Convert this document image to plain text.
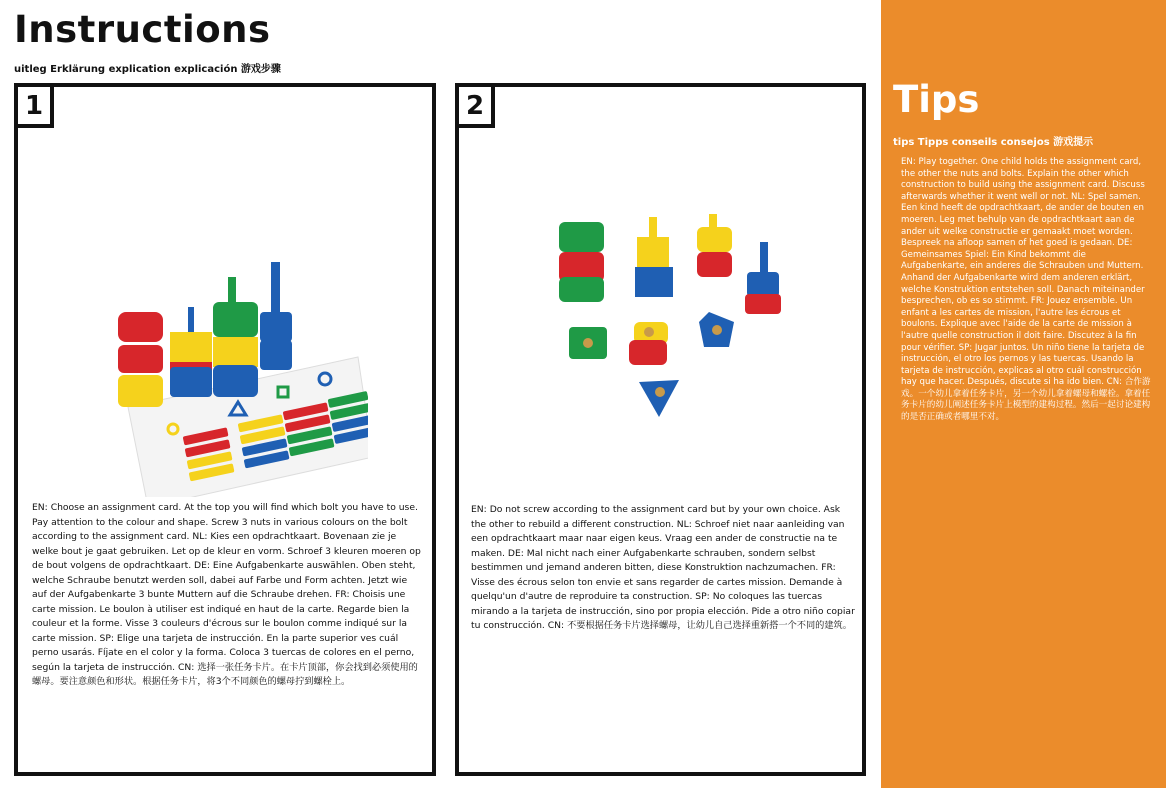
Instructions
uitleg Erklärung explication explicación 游戏步骤
1
EN: Choose an assignment card. At the top you will find which bolt you have to use. Pay attention to the colour and shape. Screw 3 nuts in various colours on the bolt according to the assignment card. NL: Kies een opdrachtkaart. Bovenaan zie je welke bout je gaat gebruiken. Let op de kleur en vorm. Schroef 3 kleuren moeren op de bout volgens de opdrachtkaart. DE: Eine Aufgabenkarte auswählen. Oben steht, welche Schraube benutzt werden soll, dabei auf Farbe und Form achten. Jetzt wie auf der Aufgabenkarte 3 bunte Muttern auf die Schraube drehen. FR: Choisis une carte mission. Le boulon à utiliser est indiqué en haut de la carte. Regarde bien la couleur et la forme. Visse 3 couleurs d'écrous sur le boulon comme indiqué sur la carte mission. SP: Elige una tarjeta de instrucción. En la parte superior ves cuál perno usarás. Fíjate en el color y la forma. Coloca 3 tuercas de colores en el perno, según la tarjeta de instrucción. CN: 选择一张任务卡片。在卡片顶部，你会找到必须使用的螺母。要注意颜色和形状。根据任务卡片，将3个不同颜色的螺母拧到螺栓上。
2
EN: Do not screw according to the assignment card but by your own choice. Ask the other to rebuild a different construction. NL: Schroef niet naar aanleiding van een opdrachtkaart maar naar eigen keus. Vraag een ander de constructie na te maken. DE: Mal nicht nach einer Aufgabenkarte schrauben, sondern selbst bestimmen und jemand anderen bitten, diese Konstruktion nachzumachen. FR: Visse des écrous selon ton envie et sans regarder de cartes mission. Demande à quelqu'un d'autre de reproduire ta construction. SP: No coloques las tuercas mirando a la tarjeta de instrucción, sino por propia elección. Pide a otro niño copiar tu construcción. CN: 不要根据任务卡片选择螺母，让幼儿自己选择重新搭一个不同的建筑。
Tips
tips Tipps conseils consejos 游戏提示
EN: Play together. One child holds the assignment card, the other the nuts and bolts. Explain the other which construction to build using the assignment card. Discuss afterwards whether it went well or not. NL: Spel samen. Een kind heeft de opdrachtkaart, de ander de bouten en moeren. Leg met behulp van de opdrachtkaart aan de ander uit welke constructie er gemaakt moet worden. Bespreek na afloop samen of het goed is gedaan. DE: Gemeinsames Spiel: Ein Kind bekommt die Aufgabenkarte, ein anderes die Schrauben und Muttern. Anhand der Aufgabenkarte wird dem anderen erklärt, welche Konstruktion entstehen soll. Danach miteinander besprechen, ob es so stimmt. FR: Jouez ensemble. Un enfant a les cartes de mission, l'autre les écrous et boulons. Explique avec l'aide de la carte de mission à l'autre quelle construction il doit faire. Discutez à la fin pour vérifier. SP: Jugar juntos. Un niño tiene la tarjeta de instrucción, el otro los pernos y las tuercas. Usando la tarjeta de instrucción, explicas al otro cuál construcción hay que hacer. Después, discute si ha ido bien. CN: 合作游戏。一个幼儿拿着任务卡片，另一个幼儿拿着螺母和螺栓。拿着任务卡片的幼儿阐述任务卡片上模型的建构过程。然后一起讨论建构的是否正确或者哪里不对。
